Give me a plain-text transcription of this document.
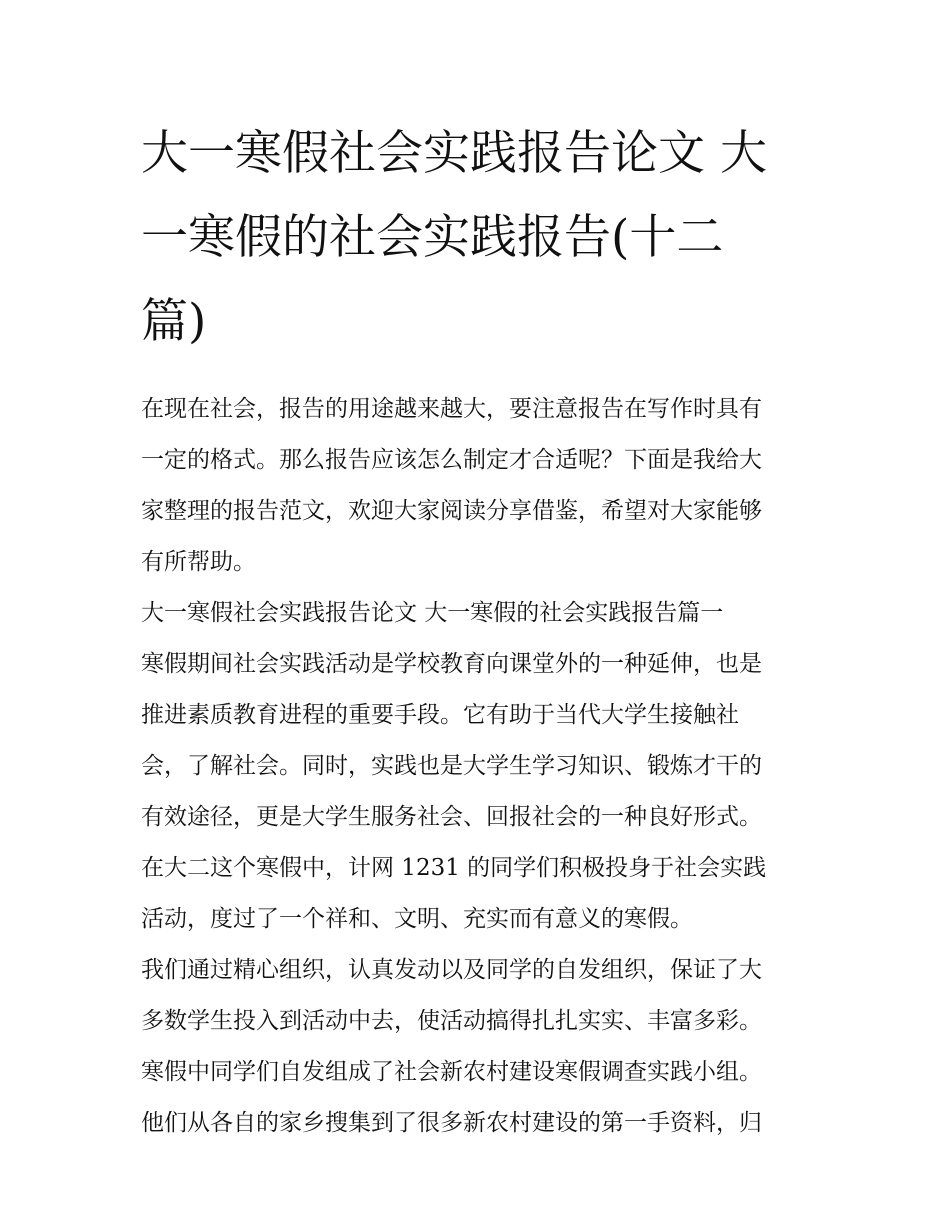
大一寒假社会实践报告论文 大
一寒假的社会实践报告(十二
篇)

在现在社会，报告的用途越来越大，要注意报告在写作时具有
一定的格式。那么报告应该怎么制定才合适呢？下面是我给大
家整理的报告范文，欢迎大家阅读分享借鉴，希望对大家能够
有所帮助。

大一寒假社会实践报告论文 大一寒假的社会实践报告篇一

寒假期间社会实践活动是学校教育向课堂外的一种延伸，也是
推进素质教育进程的重要手段。它有助于当代大学生接触社
会，了解社会。同时，实践也是大学生学习知识、锻炼才干的
有效途径，更是大学生服务社会、回报社会的一种良好形式。
在大二这个寒假中，计网 1231 的同学们积极投身于社会实践
活动，度过了一个祥和、文明、充实而有意义的寒假。

我们通过精心组织，认真发动以及同学的自发组织，保证了大
多数学生投入到活动中去，使活动搞得扎扎实实、丰富多彩。
寒假中同学们自发组成了社会新农村建设寒假调查实践小组。
他们从各自的家乡搜集到了很多新农村建设的第一手资料，归
